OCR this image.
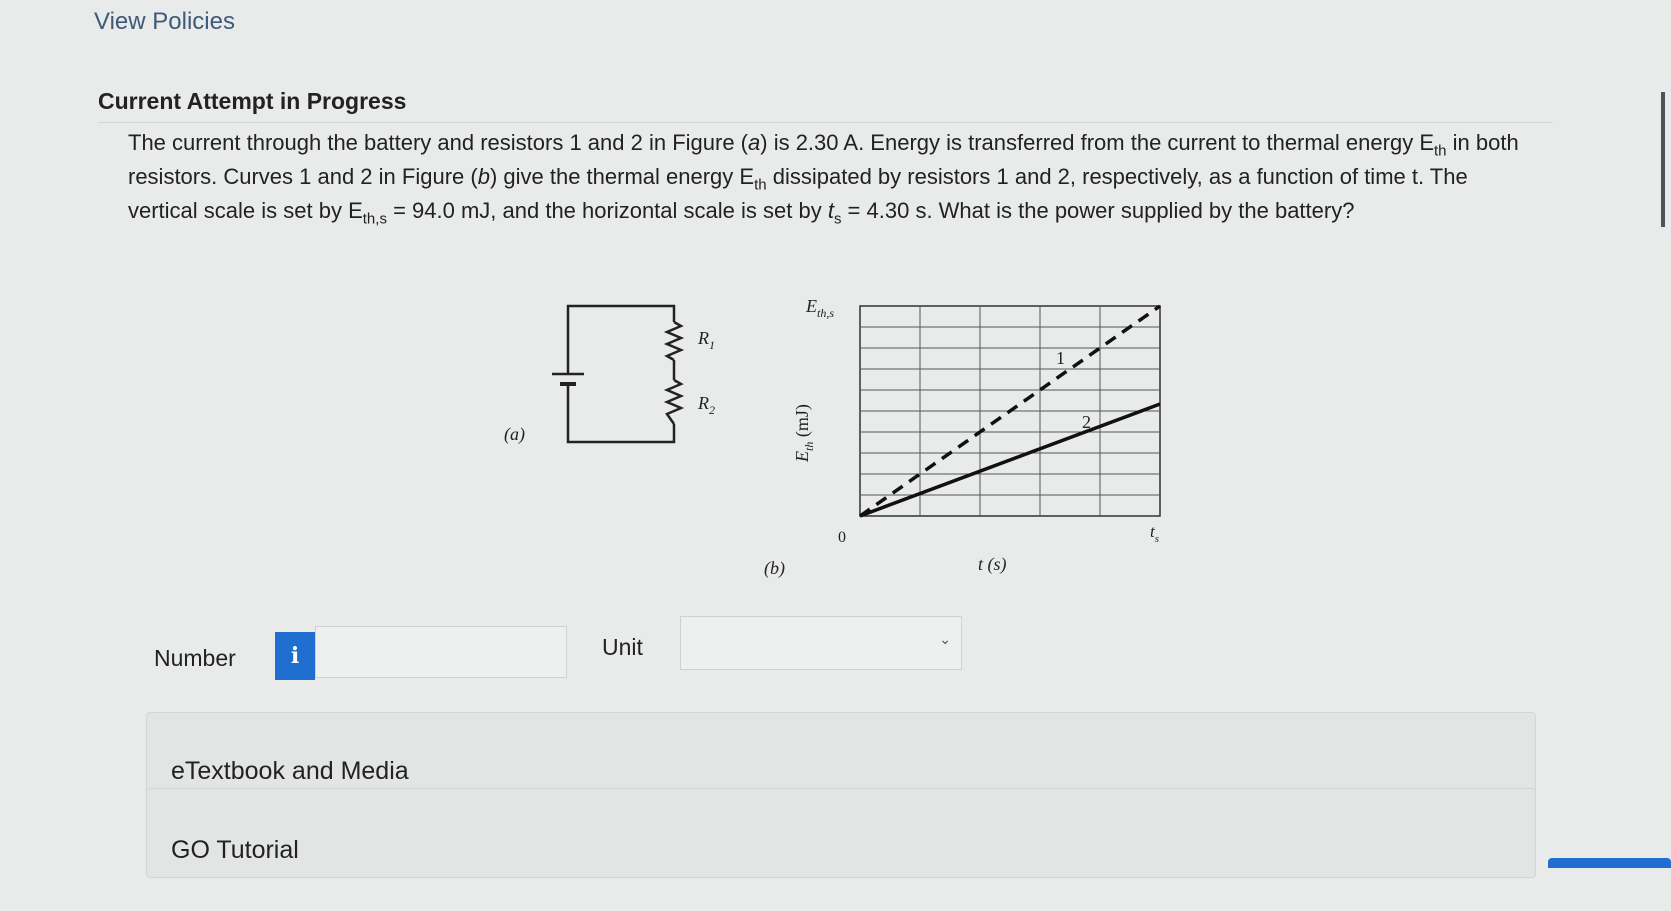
View Policies
Current Attempt in Progress
The current through the battery and resistors 1 and 2 in Figure (a) is 2.30 A. Energy is transferred from the current to thermal energy $E_{th}$ in both resistors. Curves 1 and 2 in Figure (b) give the thermal energy $E_{th}$ dissipated by resistors 1 and 2, respectively, as a function of time t. The vertical scale is set by $E_{th,s} = 94.0$ mJ, and the horizontal scale is set by $t_s = 4.30$ s. What is the power supplied by the battery?
$R_1$
$R_2$
(a)
1
2
$E_{th,s}$
$E_{th}$ (mJ)
0	$t_s$
t (s)
(b)
Number	i	Unit	⌄
eTextbook and Media
GO Tutorial
